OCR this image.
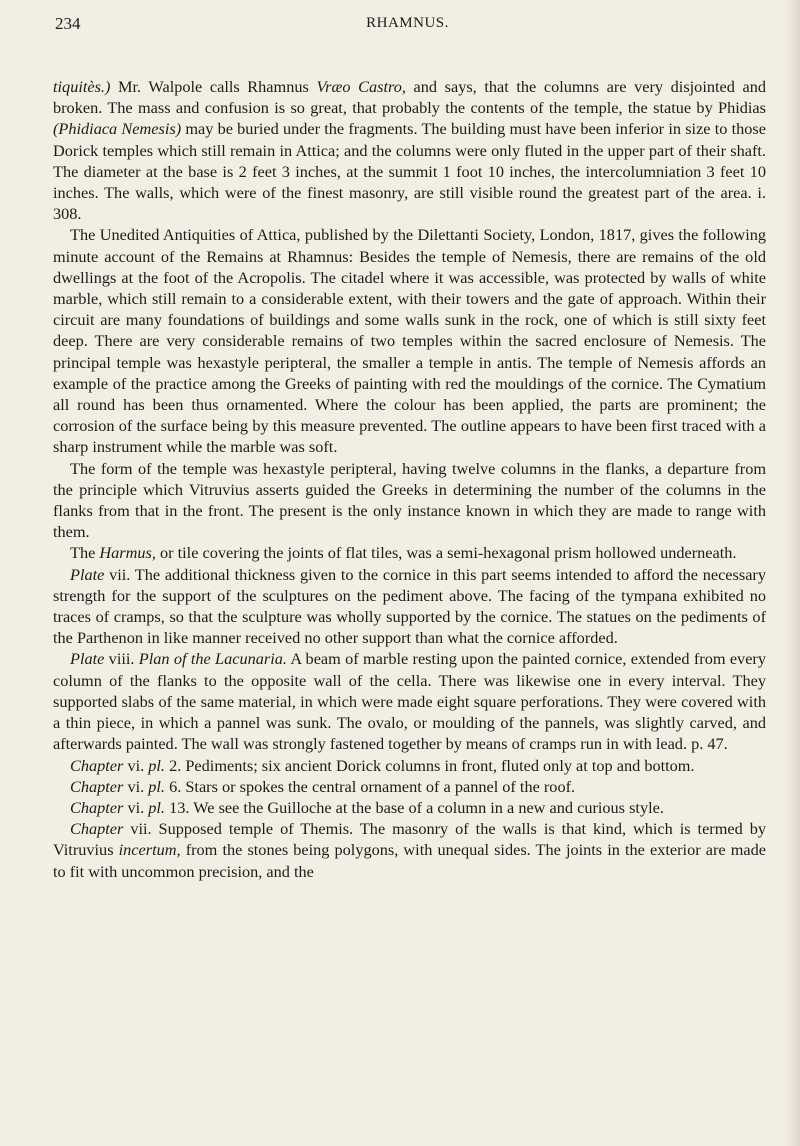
234	RHAMNUS.

tiquitès.) Mr. Walpole calls Rhamnus Vræo Castro, and says, that the columns are very disjointed and broken. The mass and confusion is so great, that probably the contents of the temple, the statue by Phidias (Phidiaca Nemesis) may be buried under the fragments. The building must have been inferior in size to those Dorick temples which still remain in Attica; and the columns were only fluted in the upper part of their shaft. The diameter at the base is 2 feet 3 inches, at the summit 1 foot 10 inches, the intercolumniation 3 feet 10 inches. The walls, which were of the finest masonry, are still visible round the greatest part of the area. i. 308.

The Unedited Antiquities of Attica, published by the Dilettanti Society, London, 1817, gives the following minute account of the Remains at Rhamnus: Besides the temple of Nemesis, there are remains of the old dwellings at the foot of the Acropolis. The citadel where it was accessible, was protected by walls of white marble, which still remain to a considerable extent, with their towers and the gate of approach. Within their circuit are many foundations of buildings and some walls sunk in the rock, one of which is still sixty feet deep. There are very considerable remains of two temples within the sacred enclosure of Nemesis. The principal temple was hexastyle peripteral, the smaller a temple in antis. The temple of Nemesis affords an example of the practice among the Greeks of painting with red the mouldings of the cornice. The Cymatium all round has been thus ornamented. Where the colour has been applied, the parts are prominent; the corrosion of the surface being by this measure prevented. The outline appears to have been first traced with a sharp instrument while the marble was soft.

The form of the temple was hexastyle peripteral, having twelve columns in the flanks, a departure from the principle which Vitruvius asserts guided the Greeks in determining the number of the columns in the flanks from that in the front. The present is the only instance known in which they are made to range with them.

The Harmus, or tile covering the joints of flat tiles, was a semi-hexagonal prism hollowed underneath.

Plate vii. The additional thickness given to the cornice in this part seems intended to afford the necessary strength for the support of the sculptures on the pediment above. The facing of the tympana exhibited no traces of cramps, so that the sculpture was wholly supported by the cornice. The statues on the pediments of the Parthenon in like manner received no other support than what the cornice afforded.

Plate viii. Plan of the Lacunaria. A beam of marble resting upon the painted cornice, extended from every column of the flanks to the opposite wall of the cella. There was likewise one in every interval. They supported slabs of the same material, in which were made eight square perforations. They were covered with a thin piece, in which a pannel was sunk. The ovalo, or moulding of the pannels, was slightly carved, and afterwards painted. The wall was strongly fastened together by means of cramps run in with lead. p. 47.

Chapter vi. pl. 2. Pediments; six ancient Dorick columns in front, fluted only at top and bottom.

Chapter vi. pl. 6. Stars or spokes the central ornament of a pannel of the roof.

Chapter vi. pl. 13. We see the Guilloche at the base of a column in a new and curious style.

Chapter vii. Supposed temple of Themis. The masonry of the walls is that kind, which is termed by Vitruvius incertum, from the stones being polygons, with unequal sides. The joints in the exterior are made to fit with uncommon precision, and the
